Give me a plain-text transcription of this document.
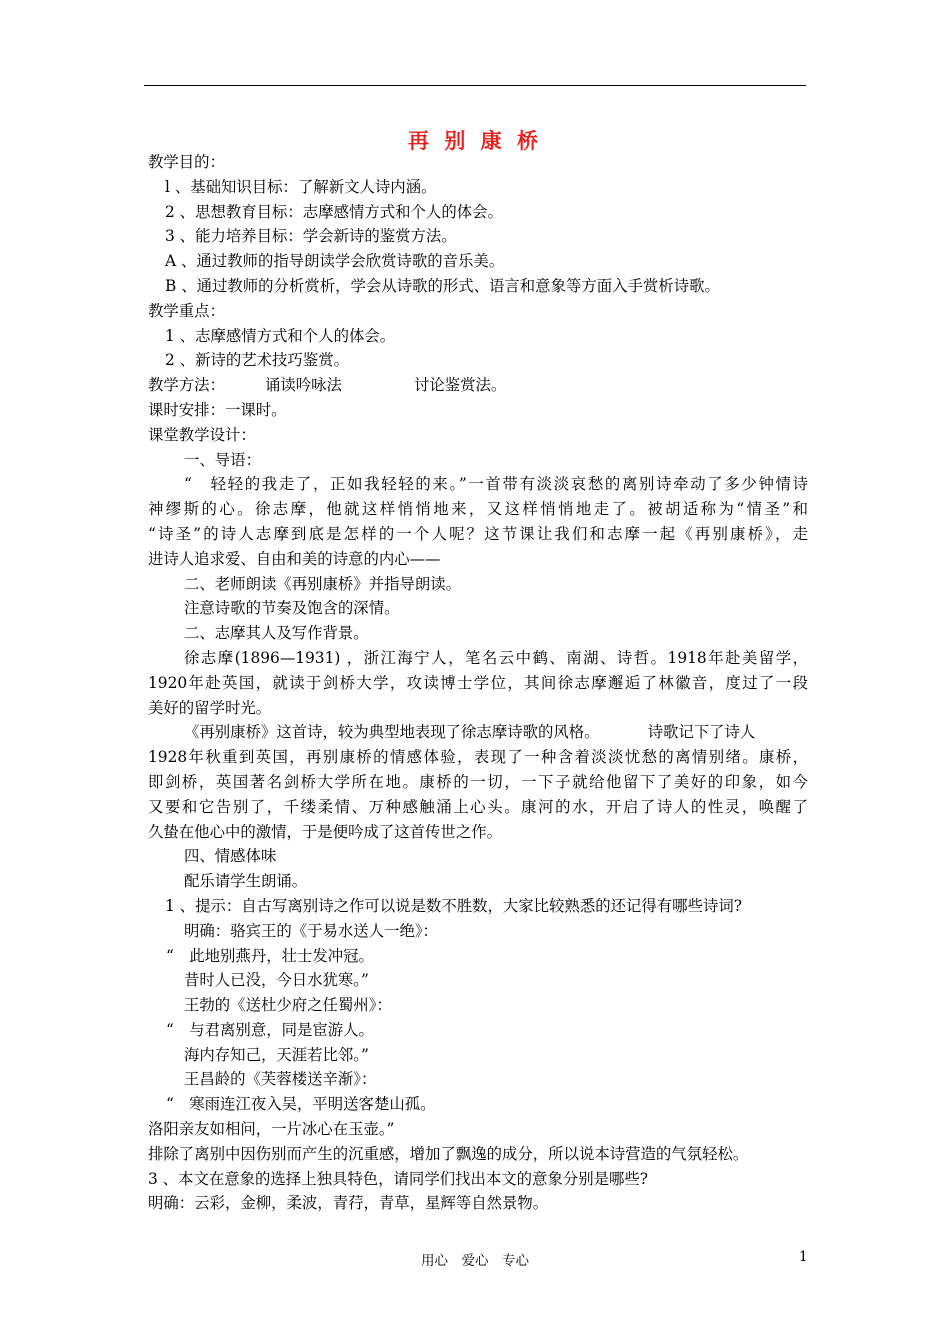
再 别 康 桥
教学目的：
l 、基础知识目标：了解新文人诗内涵。
2 、思想教育目标：志摩感情方式和个人的体会。
3 、能力培养目标：学会新诗的鉴赏方法。
A 、通过教师的指导朗读学会欣赏诗歌的音乐美。
B 、通过教师的分析赏析，学会从诗歌的形式、语言和意象等方面入手赏析诗歌。
教学重点：
1 、志摩感情方式和个人的体会。
2 、新诗的艺术技巧鉴赏。
教学方法：	诵读吟咏法	讨论鉴赏法。
课时安排：一课时。
课堂教学设计：
一、导语：
“　轻轻的我走了，正如我轻轻的来。”一首带有淡淡哀愁的离别诗牵动了多少钟情诗
神缪斯的心。徐志摩，他就这样悄悄地来，又这样悄悄地走了。被胡适称为“情圣”和
“诗圣”的诗人志摩到底是怎样的一个人呢？这节课让我们和志摩一起《再别康桥》，走
进诗人追求爱、自由和美的诗意的内心——
二、老师朗读《再别康桥》并指导朗读。
注意诗歌的节奏及饱含的深情。
二、志摩其人及写作背景。
徐志摩(1896—1931) ，浙江海宁人，笔名云中鹤、南湖、诗哲。1918年赴美留学，
1920年赴英国，就读于剑桥大学，攻读博士学位，其间徐志摩邂逅了林徽音，度过了一段
美好的留学时光。
《再别康桥》这首诗，较为典型地表现了徐志摩诗歌的风格。	诗歌记下了诗人
1928年秋重到英国，再别康桥的情感体验，表现了一种含着淡淡忧愁的离情别绪。康桥，
即剑桥，英国著名剑桥大学所在地。康桥的一切，一下子就给他留下了美好的印象，如今
又要和它告别了，千缕柔情、万种感触涌上心头。康河的水，开启了诗人的性灵，唤醒了
久蛰在他心中的激情，于是便吟成了这首传世之作。
四、情感体味
配乐请学生朗诵。
1 、提示：自古写离别诗之作可以说是数不胜数，大家比较熟悉的还记得有哪些诗词?
明确：骆宾王的《于易水送人一绝》：
“　此地别燕丹，壮士发冲冠。
昔时人已没，今日水犹寒。”
王勃的《送杜少府之任蜀州》：
“　与君离别意，同是宦游人。
海内存知己，天涯若比邻。”
王昌龄的《芙蓉楼送辛渐》：
“　寒雨连江夜入吴，平明送客楚山孤。
洛阳亲友如相问，一片冰心在玉壶。”
排除了离别中因伤别而产生的沉重感，增加了飘逸的成分，所以说本诗营造的气氛轻松。
3 、本文在意象的选择上独具特色，请同学们找出本文的意象分别是哪些?
明确：云彩，金柳，柔波，青荇，青草，星辉等自然景物。
用心　爱心　专心	1
